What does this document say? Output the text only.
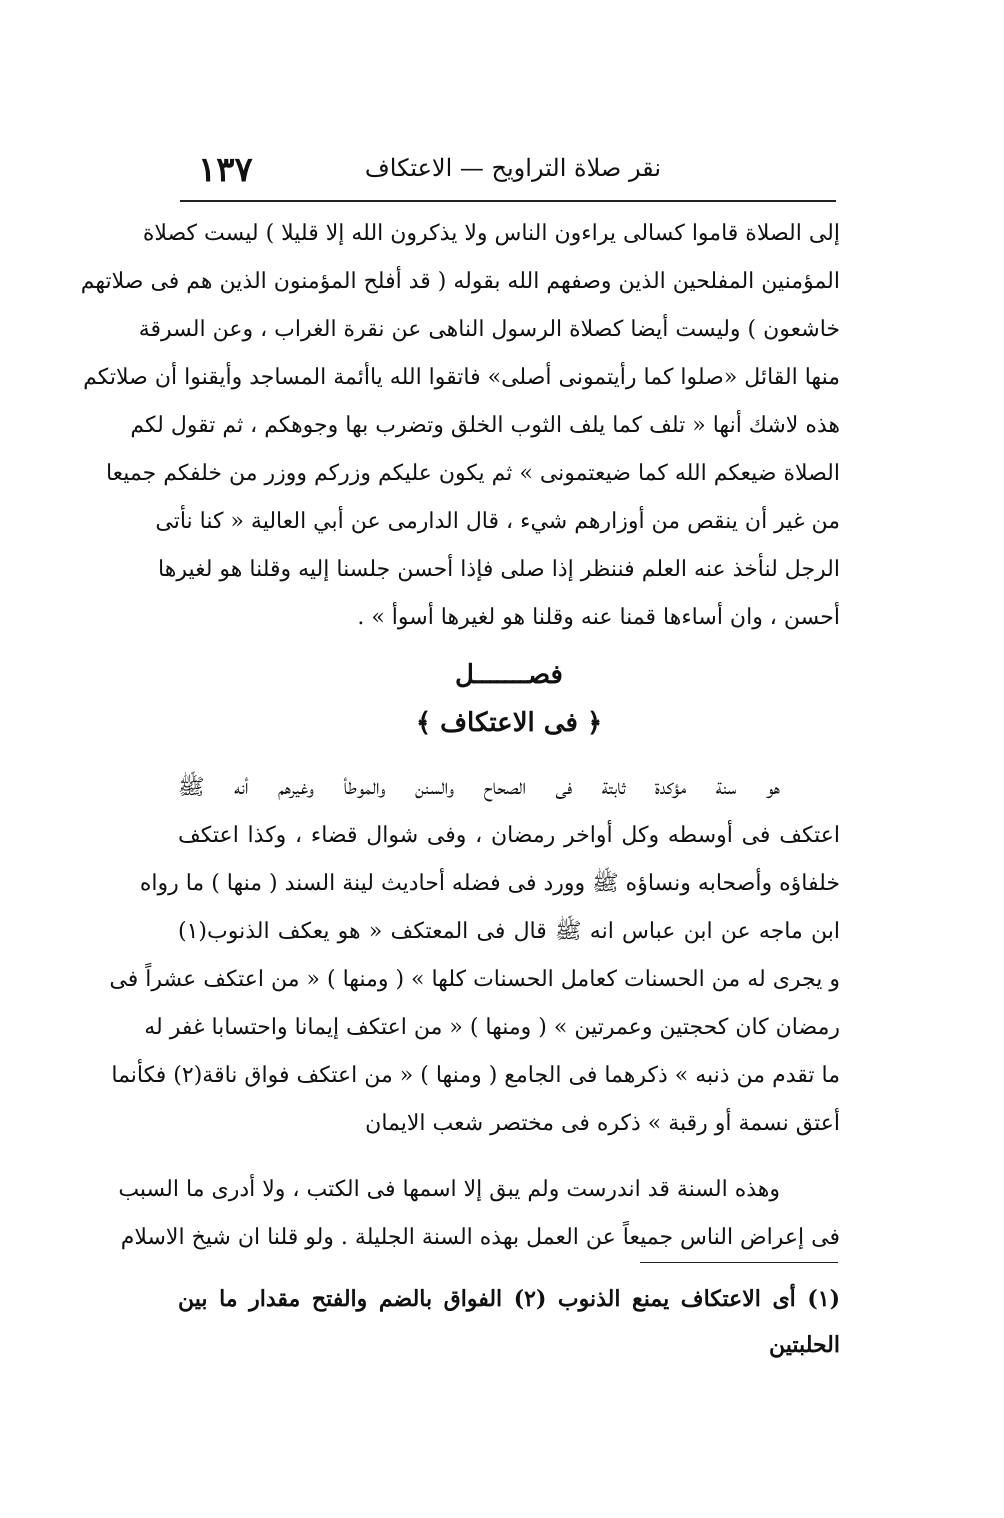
نقر صلاة التراويح — الاعتكاف
١٣٧
إلى الصلاة قاموا كسالى يراءون الناس ولا يذكرون الله إلا قليلا ) ليست كصلاة
المؤمنين المفلحين الذين وصفهم الله بقوله ( قد أفلح المؤمنون الذين هم فى صلاتهم
خاشعون ) وليست أيضا كصلاة الرسول الناهى عن نقرة الغراب ، وعن السرقة
منها القائل «صلوا كما رأيتمونى أصلى» فاتقوا الله ياأئمة المساجد وأيقنوا أن صلاتكم
هذه لاشك أنها « تلف كما يلف الثوب الخلق وتضرب بها وجوهكم ، ثم تقول لكم
الصلاة ضيعكم الله كما ضيعتمونى » ثم يكون عليكم وزركم ووزر من خلفكم جميعا
من غير أن ينقص من أوزارهم شيء ، قال الدارمى عن أبي العالية « كنا نأتى
الرجل لنأخذ عنه العلم فننظر إذا صلى فإذا أحسن جلسنا إليه وقلنا هو لغيرها
أحسن ، وان أساءها قمنا عنه وقلنا هو لغيرها أسوأ » .
فصـــــــل
﴿ فى الاعتكاف ﴾
هو سنة مؤكدة ثابتة فى الصحاح والسنن والموطأ وغيرهم أنه ﷺ
اعتكف فى أوسطه وكل أواخر رمضان ، وفى شوال قضاء ، وكذا اعتكف
خلفاؤه وأصحابه ونساؤه ﷺ وورد فى فضله أحاديث لينة السند ( منها ) ما رواه
ابن ماجه عن ابن عباس انه ﷺ قال فى المعتكف « هو يعكف الذنوب(١)
و يجرى له من الحسنات كعامل الحسنات كلها » ( ومنها ) « من اعتكف عشراً فى
رمضان كان كحجتين وعمرتين » ( ومنها ) « من اعتكف إيمانا واحتسابا غفر له
ما تقدم من ذنبه » ذكرهما فى الجامع ( ومنها ) « من اعتكف فواق ناقة(٢) فكأنما
أعتق نسمة أو رقبة » ذكره فى مختصر شعب الايمان
وهذه السنة قد اندرست ولم يبق إلا اسمها فى الكتب ، ولا أدرى ما السبب
فى إعراض الناس جميعاً عن العمل بهذه السنة الجليلة . ولو قلنا ان شيخ الاسلام
(١) أى الاعتكاف يمنع الذنوب (٢) الفواق بالضم والفتح مقدار ما بين
الحلبتين
